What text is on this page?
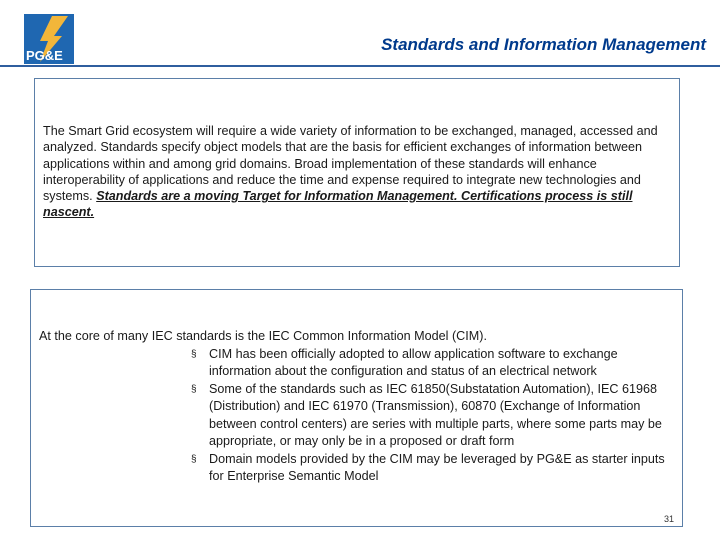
PG&E
Standards and Information Management
The Smart Grid ecosystem will require a wide variety of information to be exchanged, managed, accessed and analyzed. Standards specify object models that are the basis for efficient exchanges of information between applications within and among grid domains. Broad implementation of these standards will enhance interoperability of applications and reduce the time and expense required to integrate new technologies and systems. Standards are a moving Target for Information Management. Certifications process is still nascent.
At the core of many IEC standards is the IEC Common Information Model (CIM).
§ CIM has been officially adopted to allow application software to exchange information about the configuration and status of an electrical network
§ Some of the standards such as IEC 61850(Substatation Automation), IEC 61968 (Distribution) and IEC 61970 (Transmission), 60870 (Exchange of Information between control centers) are series with multiple parts, where some parts may be appropriate, or may only be in a proposed or draft form
§ Domain models provided by the CIM may be leveraged by PG&E as starter inputs for Enterprise Semantic Model
31
